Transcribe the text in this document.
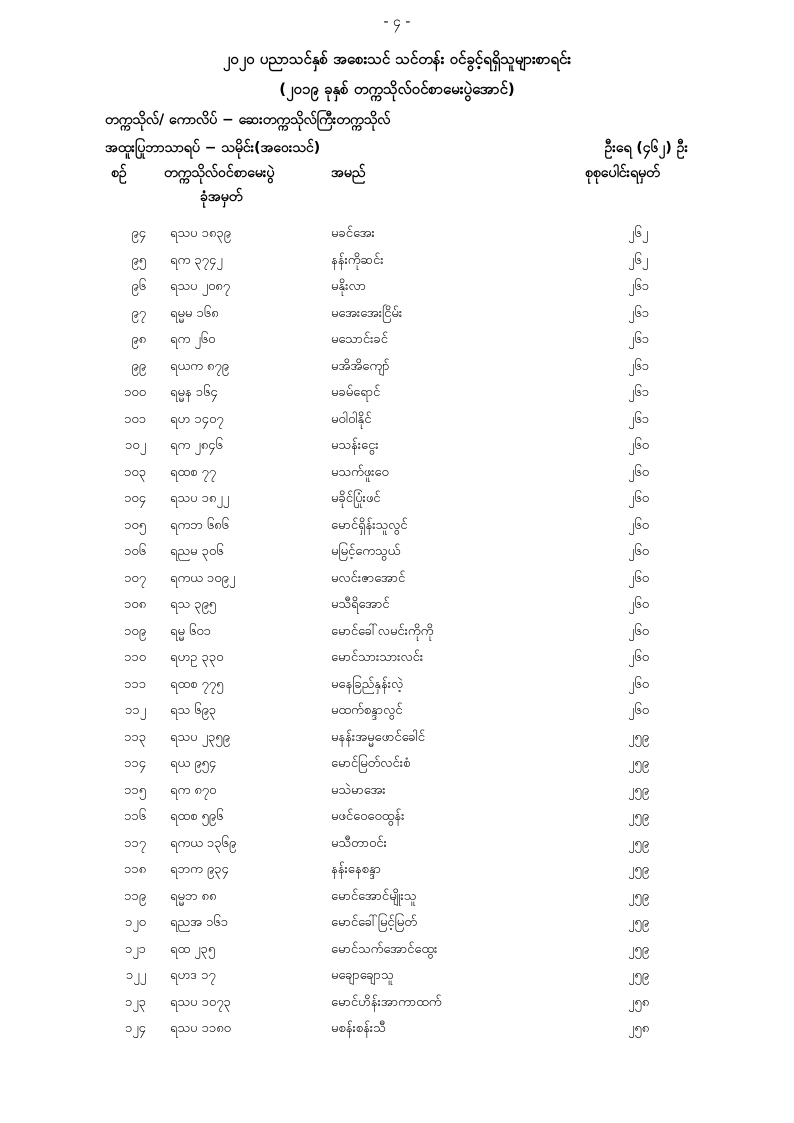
- ၄ -
၂၀၂၀ ပညာသင်နှစ် အစေးသင် သင်တန်း ဝင်ခွင့်ရရှိသူများစာရင်း
(၂၀၁၉ ခုနှစ် တက္ကသိုလ်ဝင်စာမေးပွဲအောင်)
တက္ကသိုလ်/ ကောလိပ် − ဆေးတက္ကသိုလ်ကြီးတက္ကသိုလ်
အထူးပြုဘာသာရပ် − သမိုင်း(အဝေးသင်)	ဦးရေ (၄၆၂) ဦး
စဉ်	တက္ကသိုလ်ဝင်စာမေးပွဲ
ခုံအမှတ်
အမည်	စုစုပေါင်းရမှတ်
၉၄ ရသပ ၁၈၃၉	မခင်အေး	၂၆၂
၉၅ ရက ၃၇၄၂	နန်းကိုဆင်း	၂၆၂
၉၆ ရသပ ၂၀၈၇	မနိုးလာ	၂၆၁
၉၇ ရမ္မမ ၁၆၈	မအေးအေးငြိမ်း	၂၆၁
၉၈ ရက ၂၆၀	မသောင်းခင်	၂၆၁
၉၉ ရယက ၈၇၉	မအိအိကျော်	၂၆၁
၁၀၀ ရမ္မန ၁၆၄	မခမ်ရောင်	၂၆၁
၁၀၁ ရဟ ၁၄၀၇	မဝါဝါနိုင်	၂၆၁
၁၀၂ ရက ၂၈၄၆	မသန်းငွေး	၂၆၀
၁၀၃ ရထစ ၇၇	မသက်ဖူးဝေ	၂၆၀
၁၀၄ ရသပ ၁၈၂၂	မခိုင်ပြုံးဖင်	၂၆၀
၁၀၅ ရကဘ ၆၈၆	မောင်ရှိန်းသူလွင်	၂၆၀
၁၀၆ ရညမ ၃၀၆	မမြင့်ကေသွယ်	၂၆၀
၁၀၇ ရကယ ၁၀၉၂	မလင်းဇာအောင်	၂၆၀
၁၀၈ ရသ ၃၉၅	မသီရိအောင်	၂၆၀
၁၀၉ ရမ္မ ၆၀၁	မောင်ခေါ်လမင်းကိုကို	၂၆၀
၁၁၀ ရဟဥ ၃၃၀	မောင်သားသားလင်း	၂၆၀
၁၁၁ ရထစ ၇၇၅	မနေခြည်နှန်းလဲ့	၂၆၀
၁၁၂ ရသ ၆၉၃	မထက်စန္ဒာလွင်	၂၆၀
၁၁၃ ရသပ ၂၃၅၉	မနန်းအမ္မဖောင်ခေါင်	၂၅၉
၁၁၄ ရယ ၉၅၄	မောင်မြတ်လင်းစံ	၂၅၉
၁၁၅ ရက ၈၇၀	မသဲမာအေး	၂၅၉
၁၁၆ ရထစ ၅၉၆	မဖင်ဝေဝေထွန်း	၂၅၉
၁၁၇ ရကယ ၁၃၆၉	မသီတာဝင်း	၂၅၉
၁၁၈ ရဘက ၉၃၄	နန်းနေစန္ဒာ	၂၅၉
၁၁၉ ရမ္မဘ ၈၈	မောင်အောင်မျိုးသူ	၂၅၉
၁၂၀ ရညအ ၁၆၁	မောင်ခေါ်မြင့်မြတ်	၂၅၉
၁၂၁ ရထ ၂၃၅	မောင်သက်အောင်ထွေး	၂၅၉
၁၂၂ ရဟဒ ၁၇	မချောချောသူ	၂၅၉
၁၂၃ ရသပ ၁၀၇၃	မောင်ဟိန်းအာကာထက်	၂၅၈
၁၂၄ ရသပ ၁၁၈၀	မစန်းစန်းသီ	၂၅၈
